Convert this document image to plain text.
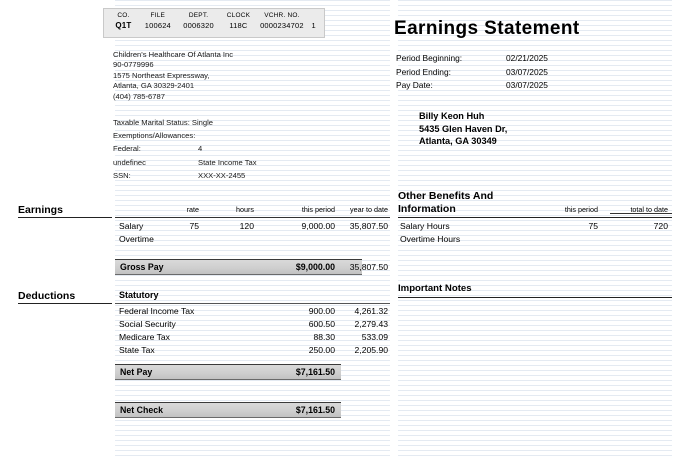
CO.	FILE	DEPT.	CLOCK	VCHR. NO.
Q1T	100624	0006320	118C	0000234702	1
Children's Healthcare Of Atlanta Inc
90-0779996
1575 Northeast Expressway,
Atlanta, GA 30329-2401
(404) 785-6787
Taxable Marital Status: Single
Exemptions/Allowances:
Federal:	4
undefinec	State Income Tax
SSN:	XXX-XX-2455
Earnings Statement
Period Beginning:	02/21/2025
Period Ending:	03/07/2025
Pay Date:	03/07/2025
Billy Keon Huh
5435 Glen Haven Dr,
Atlanta, GA 30349
Earnings	rate	hours	this period	year to date
Salary	75	120	9,000.00	35,807.50
Overtime
Gross Pay	$9,000.00	35,807.50
Deductions	Statutory
Federal Income Tax	900.00	4,261.32
Social Security	600.50	2,279.43
Medicare Tax	88.30	533.09
State Tax	250.00	2,205.90
Net Pay	$7,161.50
Net Check	$7,161.50
Other Benefits And
Information	this period	total to date
Salary Hours	75	720
Overtime Hours
Important Notes
